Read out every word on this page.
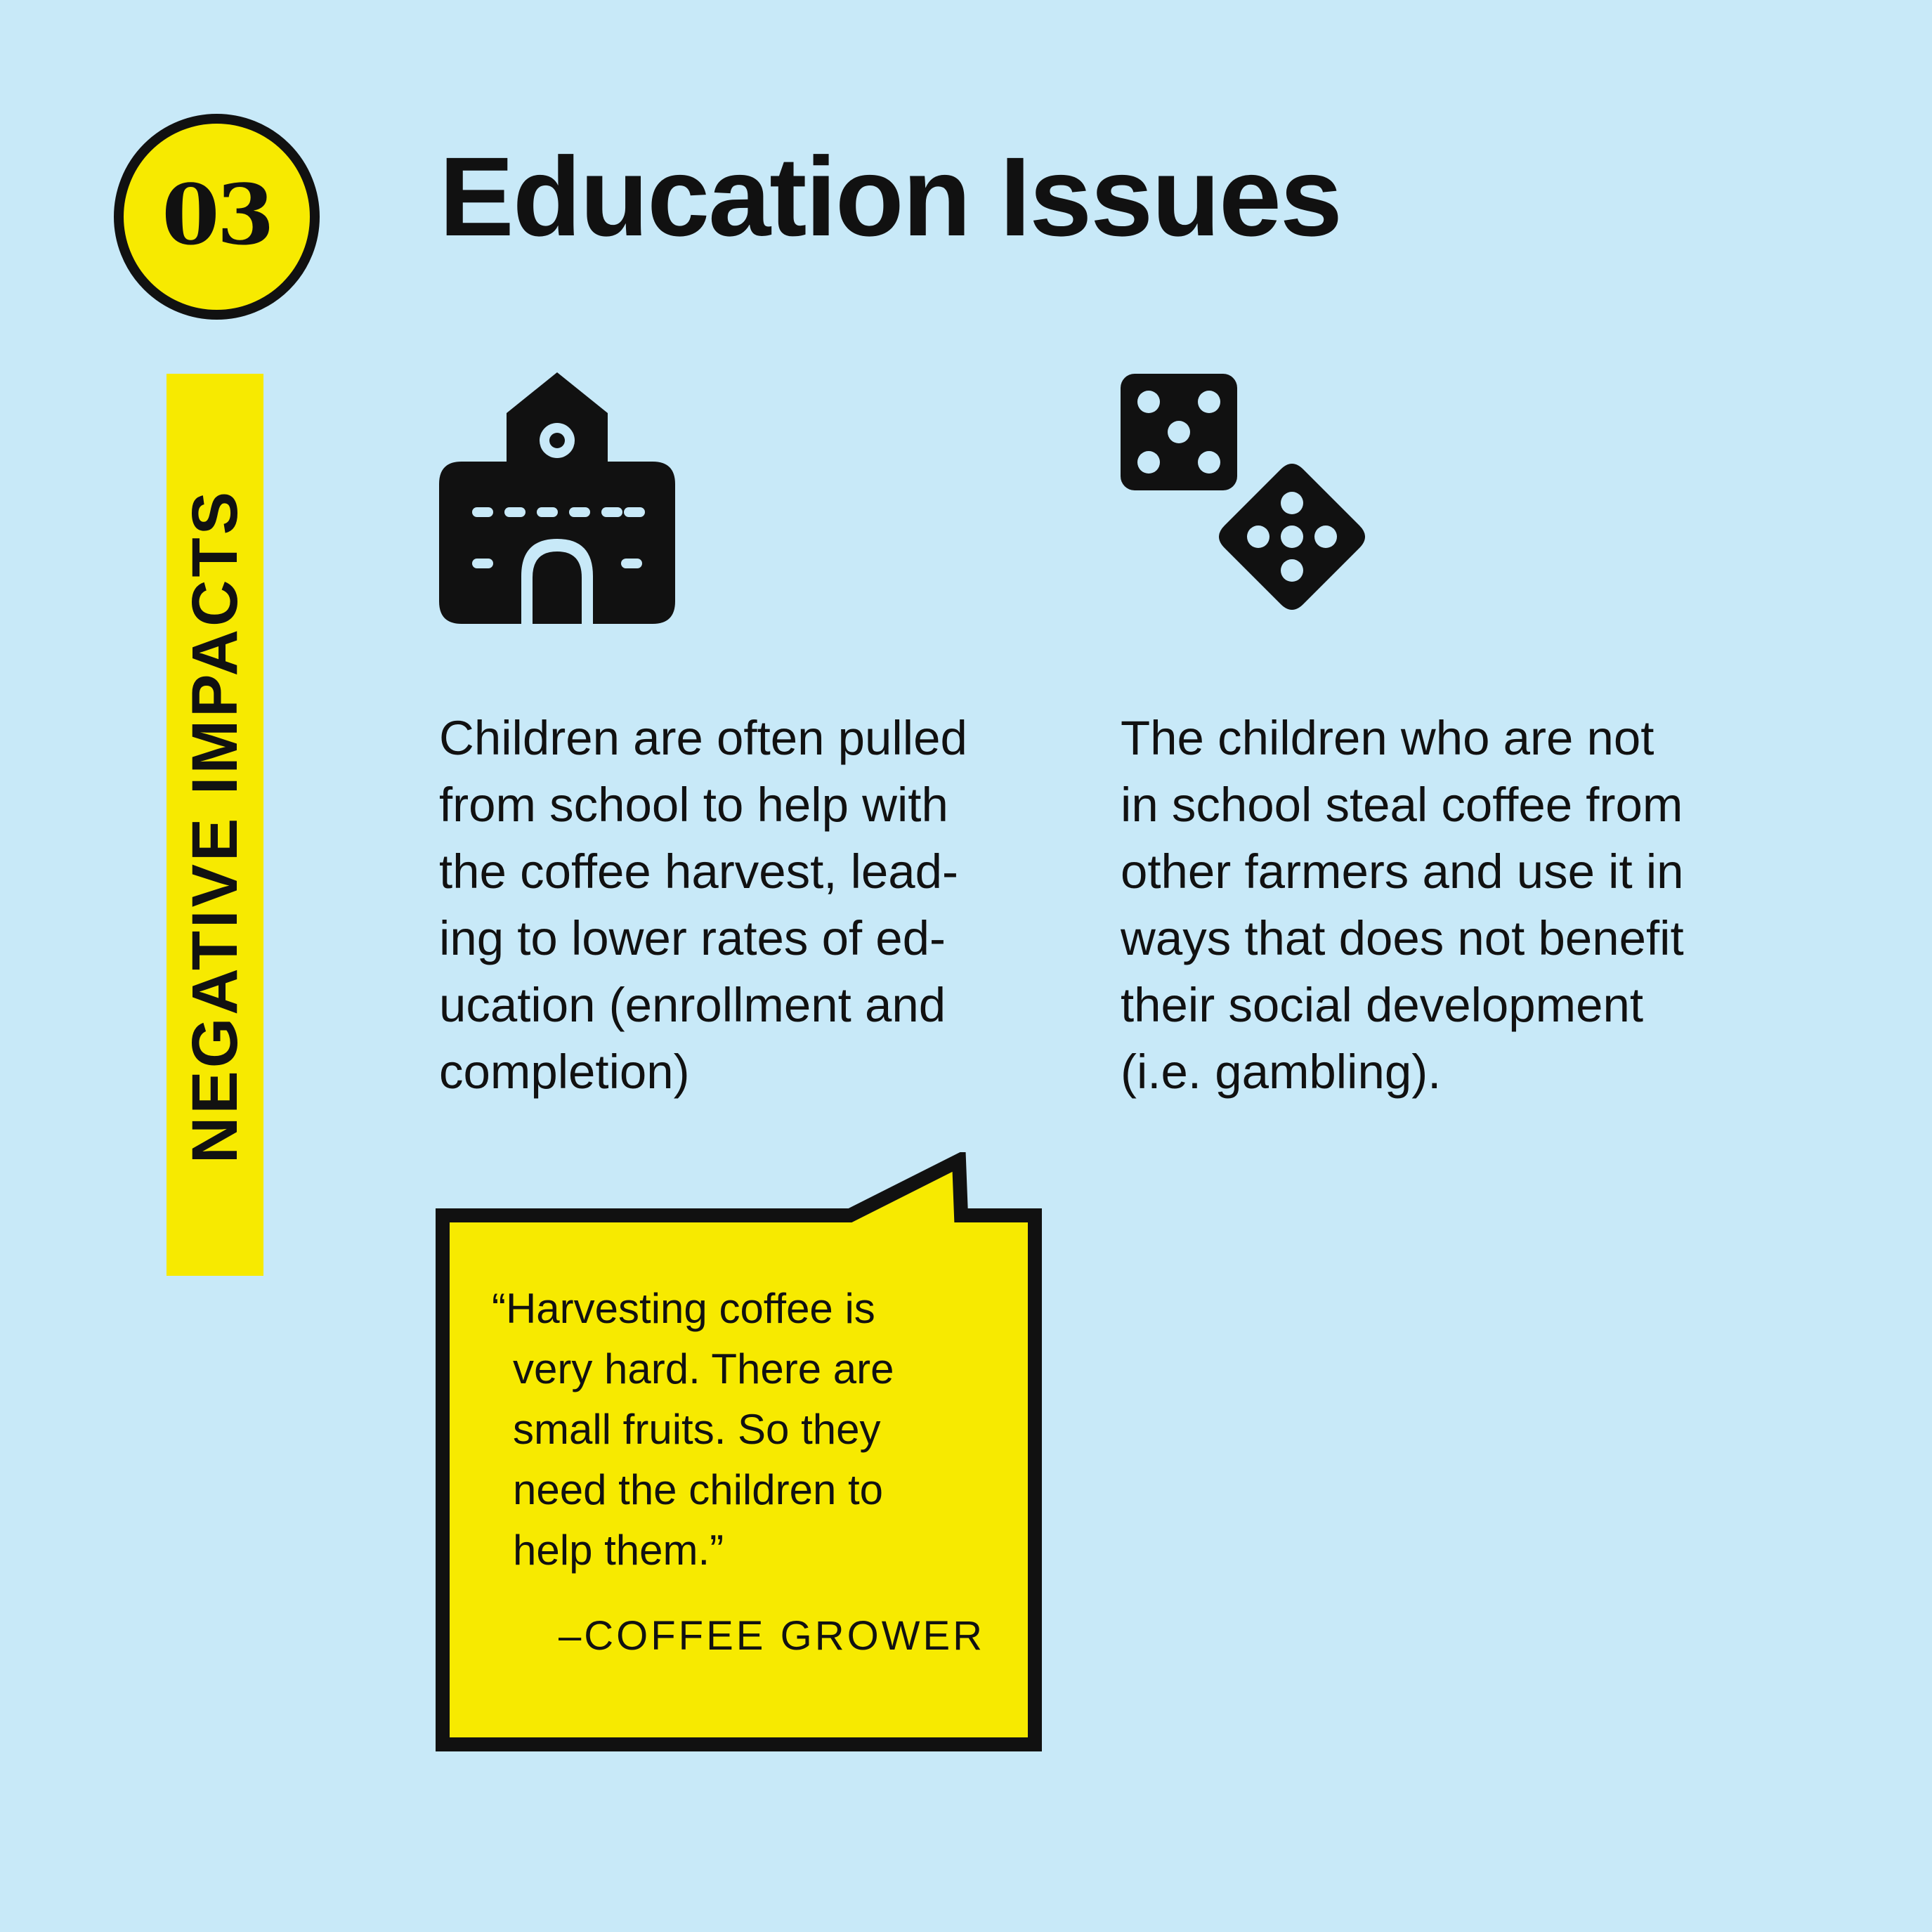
03 Education Issues
NEGATIVE IMPACTS	Children are often pulled
from school to help with
the coffee harvest, lead-
ing to lower rates of ed-
ucation (enrollment and
completion)
The children who are not
in school steal coffee from
other farmers and use it in
ways that does not benefit
their social development
(i.e. gambling).
“Harvesting coffee is
very hard. There are
small fruits. So they
need the children to
help them.”
–COFFEE GROWER
